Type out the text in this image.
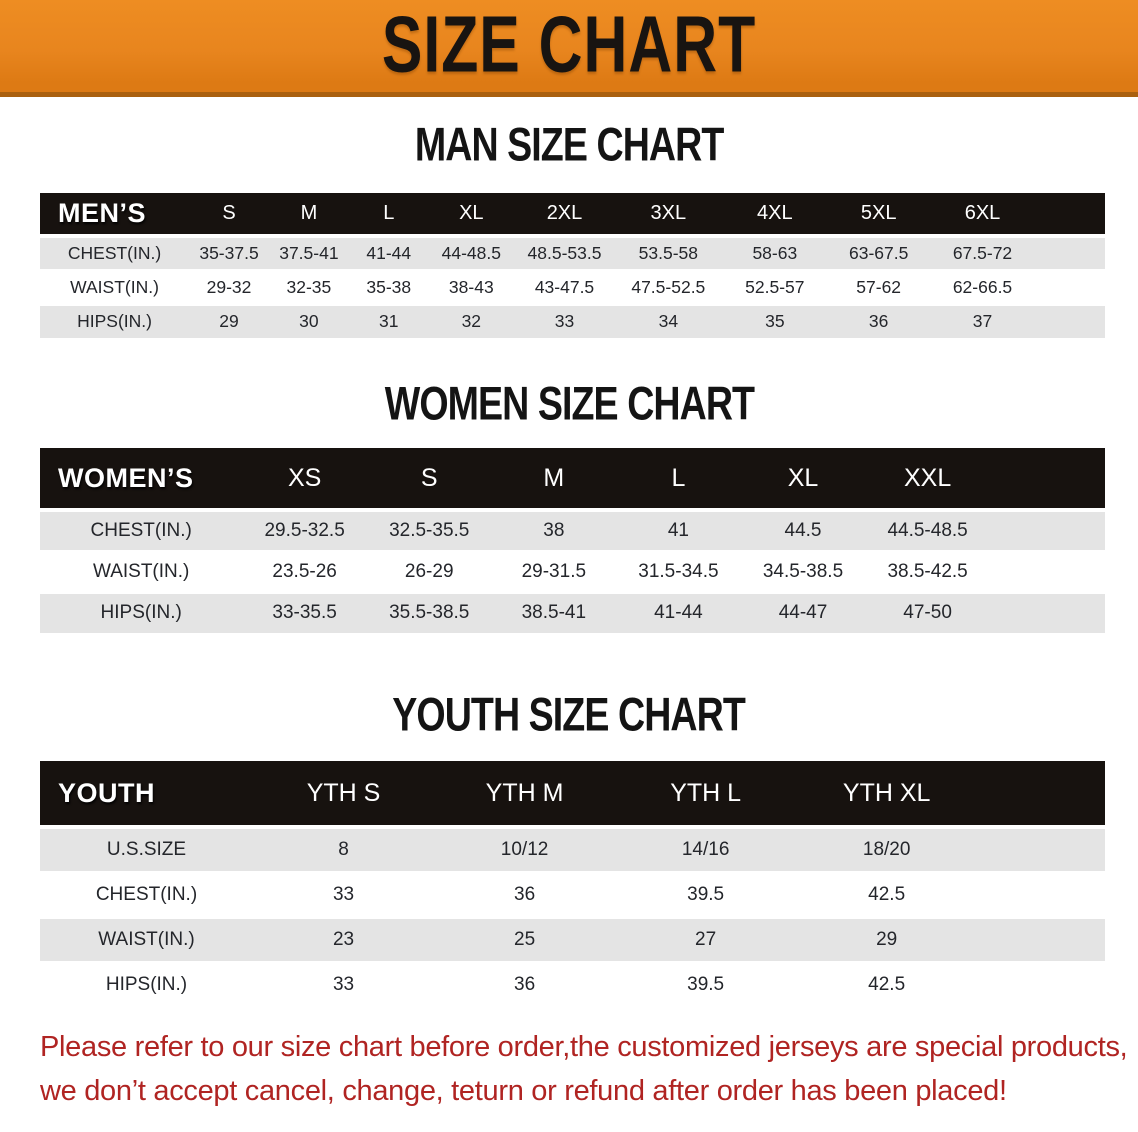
SIZE CHART
MAN SIZE CHART
MEN’S	S	M	L	XL	2XL	3XL	4XL	5XL	6XL	
CHEST(IN.)	35-37.5	37.5-41	41-44	44-48.5	48.5-53.5	53.5-58	58-63	63-67.5	67.5-72	
WAIST(IN.)	29-32	32-35	35-38	38-43	43-47.5	47.5-52.5	52.5-57	57-62	62-66.5	
HIPS(IN.)	29	30	31	32	33	34	35	36	37	
WOMEN SIZE CHART
WOMEN’S	XS	S	M	L	XL	XXL	
CHEST(IN.)	29.5-32.5	32.5-35.5	38	41	44.5	44.5-48.5	
WAIST(IN.)	23.5-26	26-29	29-31.5	31.5-34.5	34.5-38.5	38.5-42.5	
HIPS(IN.)	33-35.5	35.5-38.5	38.5-41	41-44	44-47	47-50	
YOUTH SIZE CHART
YOUTH	YTH S	YTH M	YTH L	YTH XL	
U.S.SIZE	8	10/12	14/16	18/20	
CHEST(IN.)	33	36	39.5	42.5	
WAIST(IN.)	23	25	27	29	
HIPS(IN.)	33	36	39.5	42.5	

Please refer to our size chart before order,the customized jerseys are special products,

we don’t accept cancel, change, teturn or refund after order has been placed!
